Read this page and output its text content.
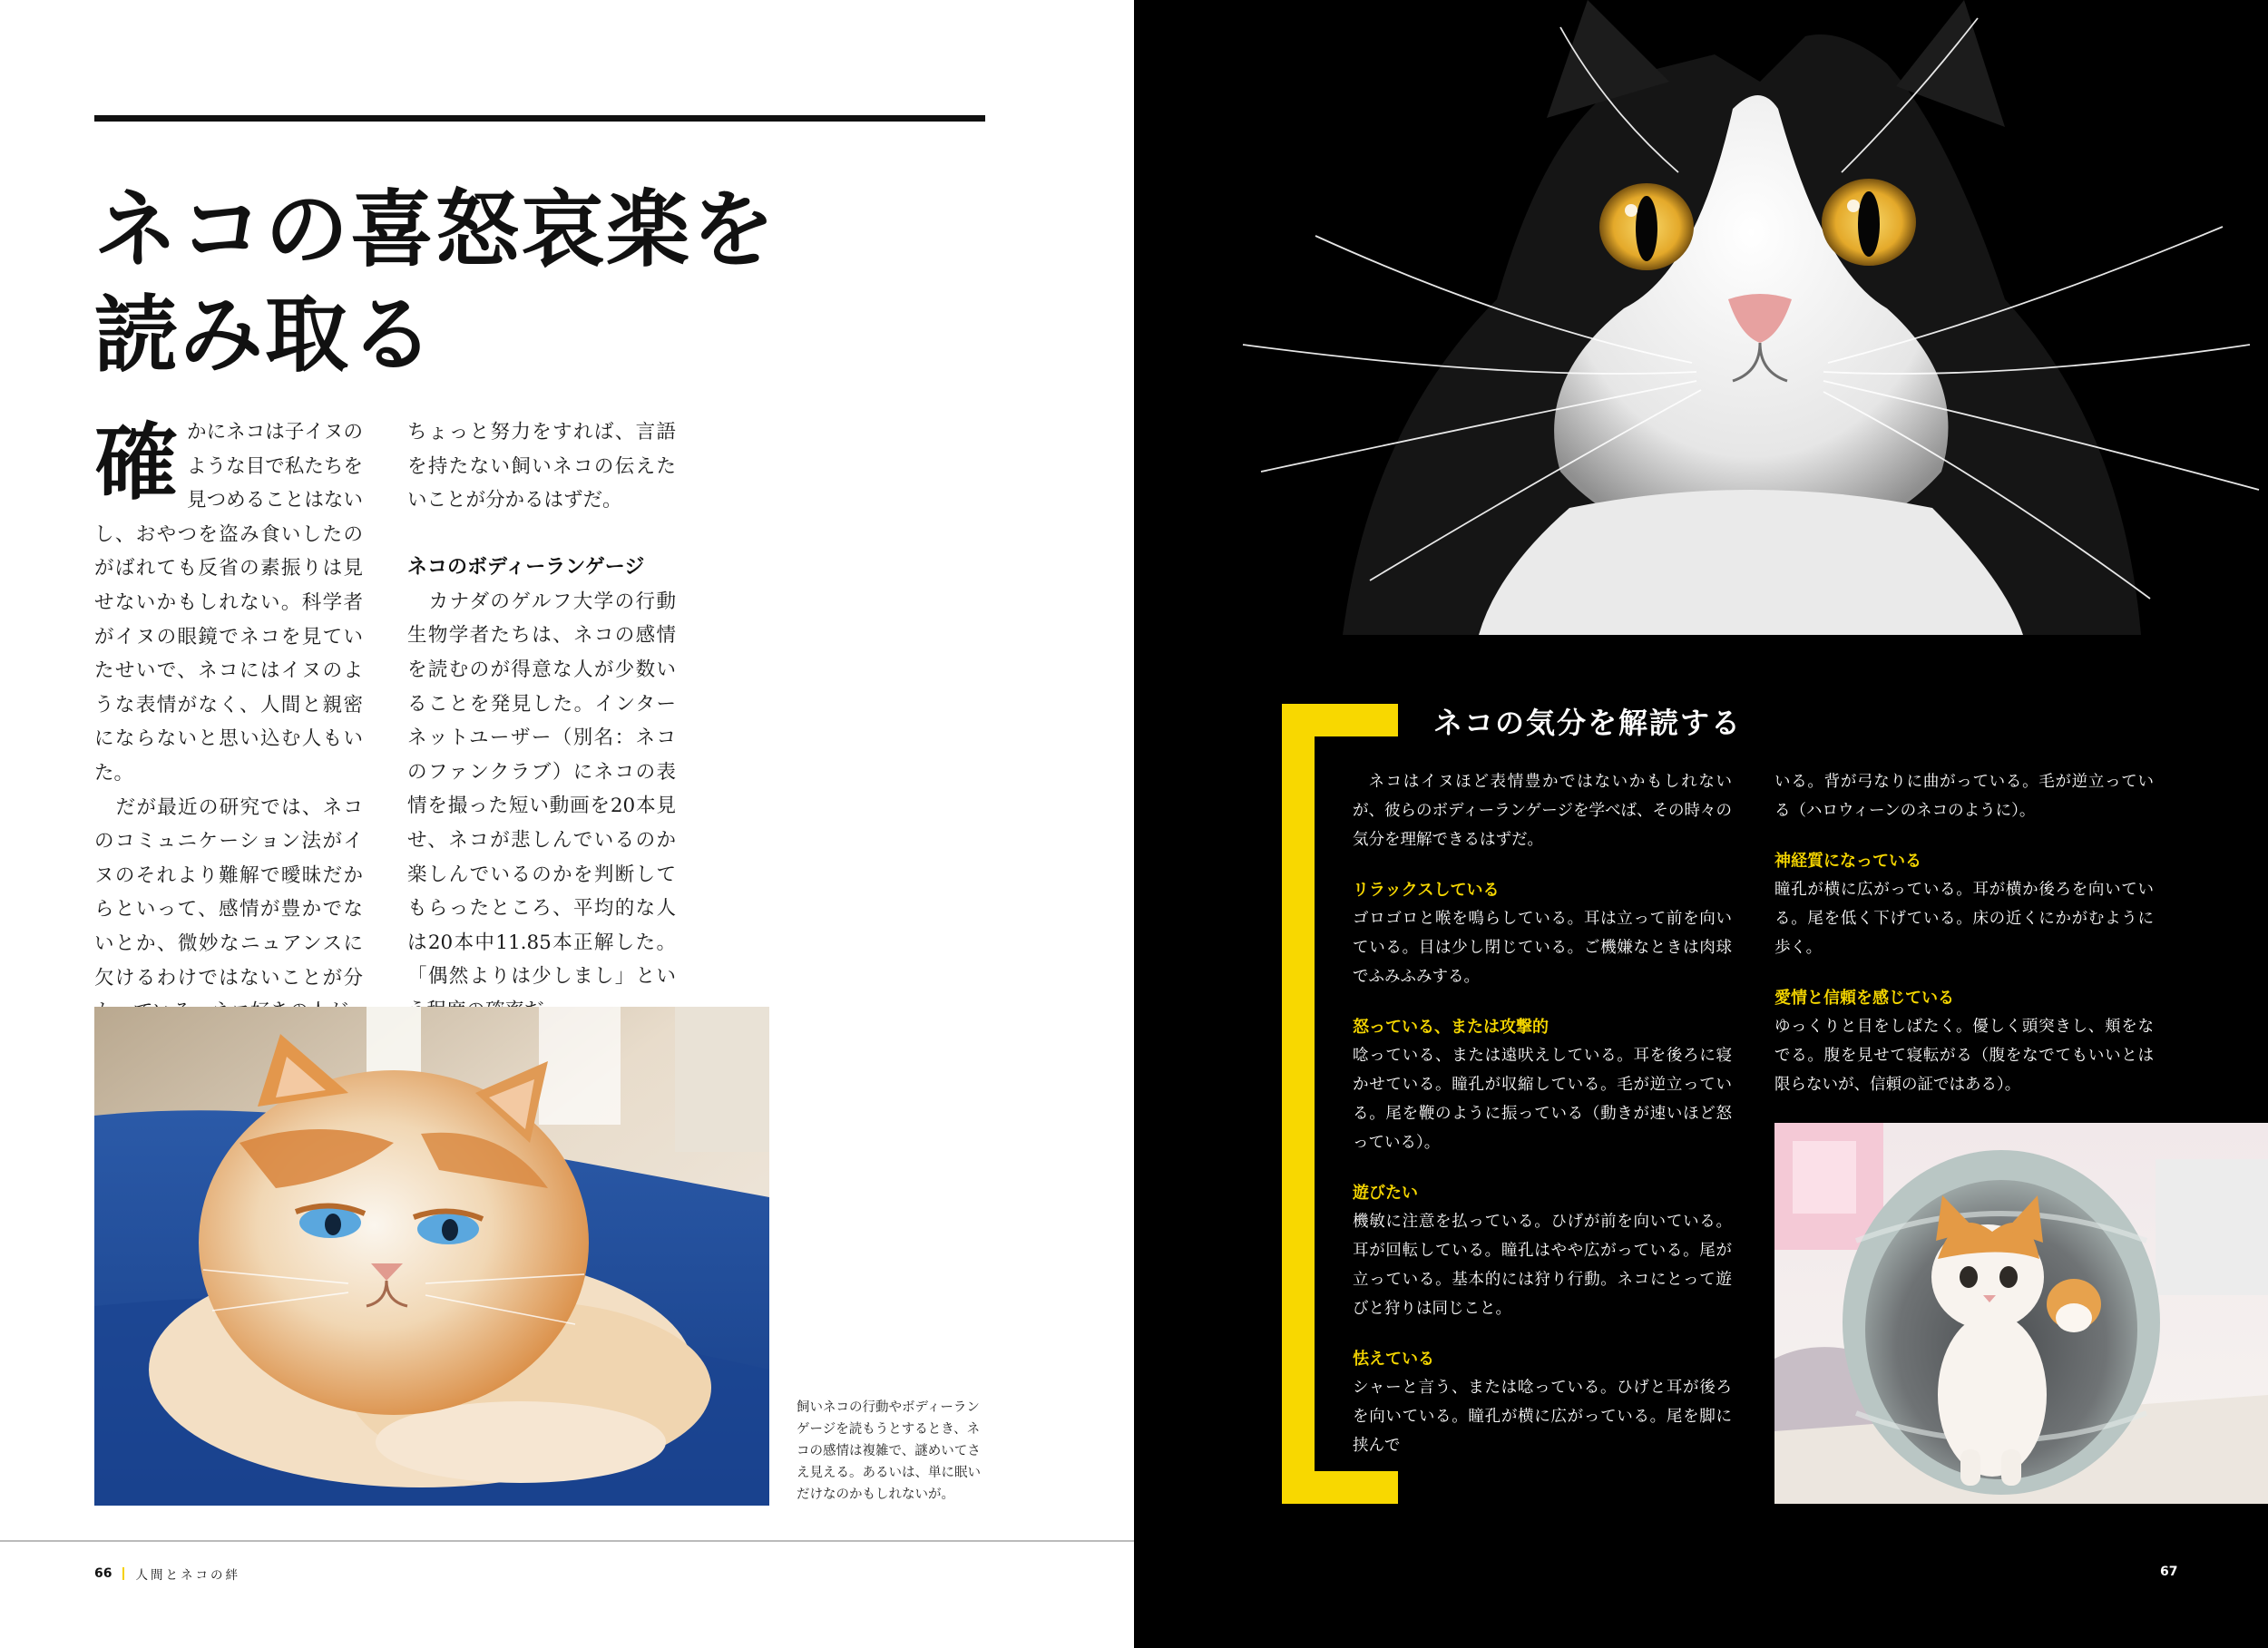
ネコの喜怒哀楽を
読み取る
確 かにネコは子イヌのような目で私たちを見つめることはないし、おやつを盗み食いしたのがばれても反省の素振りは見せないかもしれない。科学者がイヌの眼鏡でネコを見ていたせいで、ネコにはイヌのような表情がなく、人間と親密にならないと思い込む人もいた。

だが最近の研究では、ネコのコミュニケーション法がイヌのそれより難解で曖昧だからといって、感情が豊かでないとか、微妙なニュアンスに欠けるわけではないことが分

ちょっと努力をすれば、言語を持たない飼いネコの伝えたいことが分かるはずだ。

ネコのボディーランゲージ

カナダのゲルフ大学の行動生物学者たちは、ネコの感情を読むのが得意な人が少数いることを発見した。インターネットユーザー（別名：ネコのファンクラブ）にネコの表情を撮った短い動画を20本見せ、ネコが悲しんでいるのか楽しんでいるのかを判断してもらったところ、平均的な人は20本中11.85本正解した。「偶然よりは少しまし」とい

飼いネコの行動やボディーランゲージを読もうとするとき、ネコの感情は複雑で、謎めいてさえ見える。あるいは、単に眠いだけなのかもしれないが。

66 人間とネコの絆
ネコの気分を解読する

ネコはイヌほど表情豊かではないかもしれないが、彼らのボディーランゲージを学べば、その時々の気分を理解できるはずだ。

リラックスしている

ゴロゴロと喉を鳴らしている。耳は立って前を向いている。目は少し閉じている。ご機嫌なときは肉球でふみふみする。

怒っている、または攻撃的

唸っている、または遠吠えしている。耳を後ろに寝かせている。瞳孔が収縮している。毛が逆立っている。尾を鞭のように振っている（動きが速いほど怒っている）。

遊びたい

機敏に注意を払っている。ひげが前を向いている。耳が回転している。瞳孔はやや広がっている。尾が立っている。基本的には狩り行動。ネコにとって遊びと狩りは同じこと。

怯えている

シャーと言う、または唸っている。ひげと耳が後ろを向いている。瞳孔が横に広がっている。尾を脚に挟んで

いる。背が弓なりに曲がっている。毛が逆立っている（ハロウィーンのネコのように）。

神経質になっている

瞳孔が横に広がっている。耳が横か後ろを向いている。尾を低く下げている。床の近くにかがむように歩く。

愛情と信頼を感じている

ゆっくりと目をしばたく。優しく頭突きし、頬をなでる。腹を見せて寝転がる（腹をなでてもいいとは限らないが、信頼の証ではある）。

67
